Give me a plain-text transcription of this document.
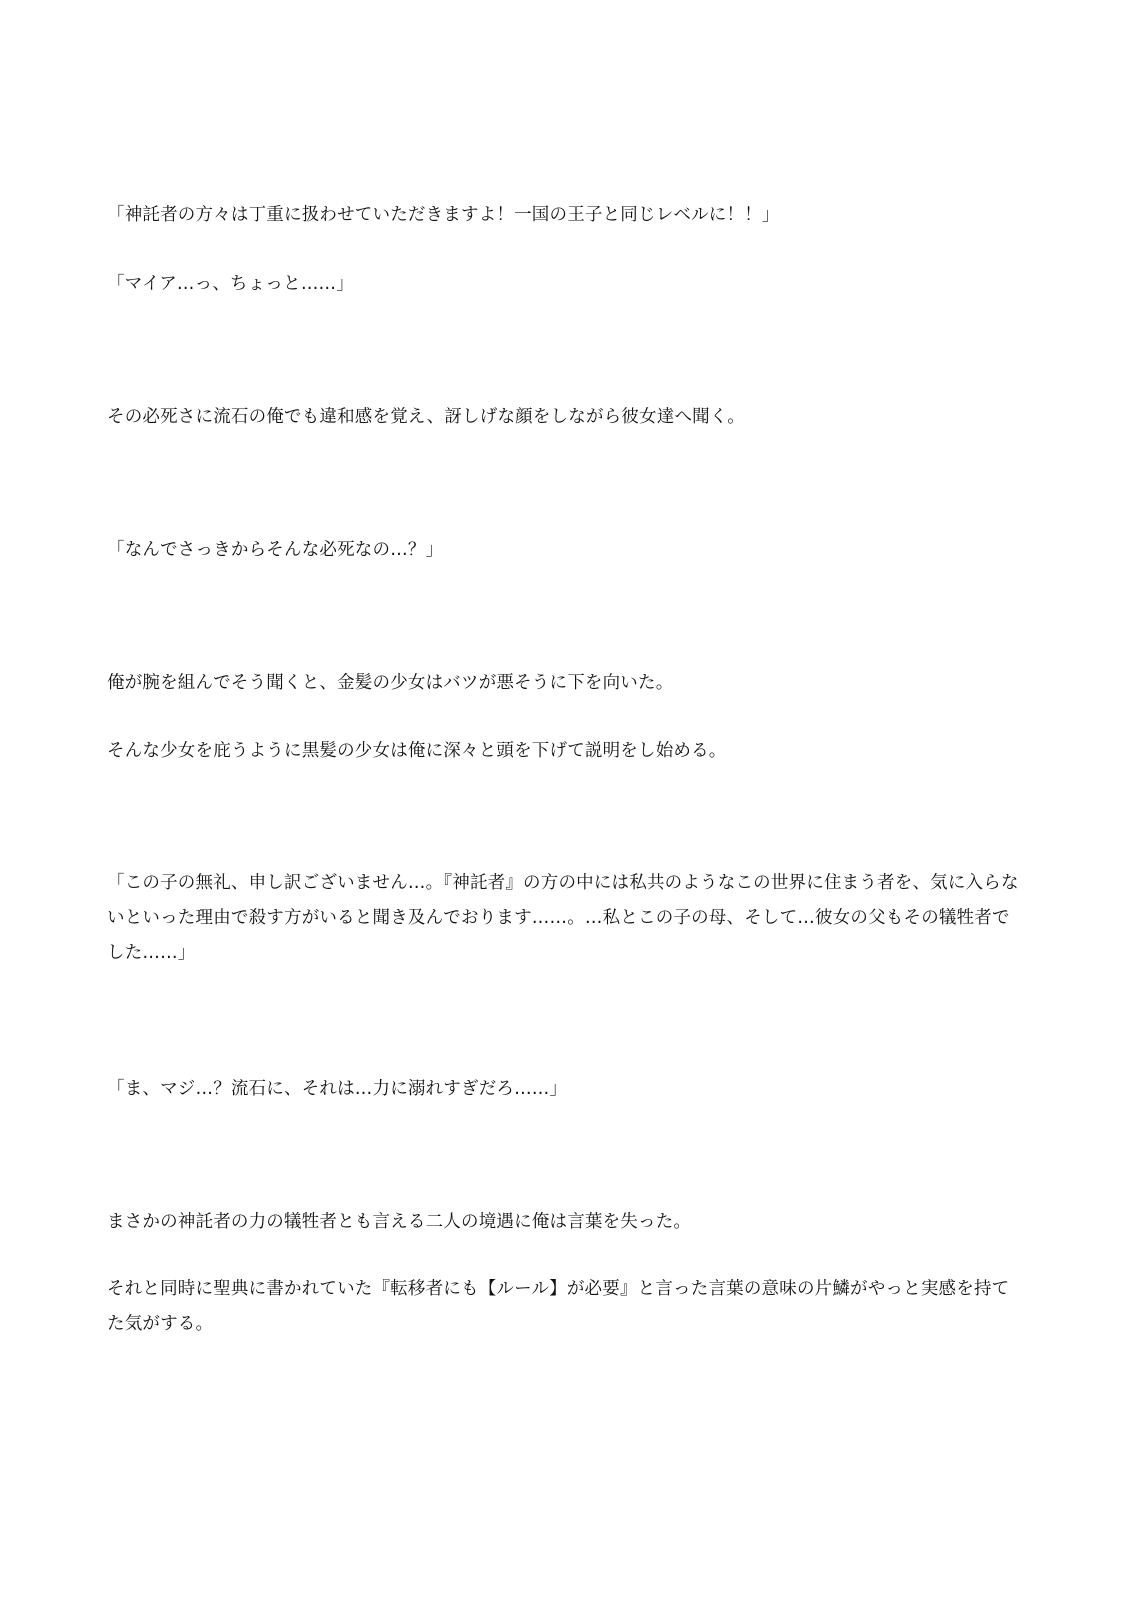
「神託者の方々は丁重に扱わせていただきますよ！一国の王子と同じレベルに！！」

「マイア…っ、ちょっと……」

その必死さに流石の俺でも違和感を覚え、訝しげな顔をしながら彼女達へ聞く。

「なんでさっきからそんな必死なの…？」

俺が腕を組んでそう聞くと、金髪の少女はバツが悪そうに下を向いた。

そんな少女を庇うように黒髪の少女は俺に深々と頭を下げて説明をし始める。

「この子の無礼、申し訳ございません…。『神託者』の方の中には私共のようなこの世界に住まう者を、気に入らないといった理由で殺す方がいると聞き及んでおります……。…私とこの子の母、そして…彼女の父もその犠牲者でした……」

「ま、マジ…？流石に、それは…力に溺れすぎだろ……」

まさかの神託者の力の犠牲者とも言える二人の境遇に俺は言葉を失った。

それと同時に聖典に書かれていた『転移者にも【ルール】が必要』と言った言葉の意味の片鱗がやっと実感を持てた気がする。
